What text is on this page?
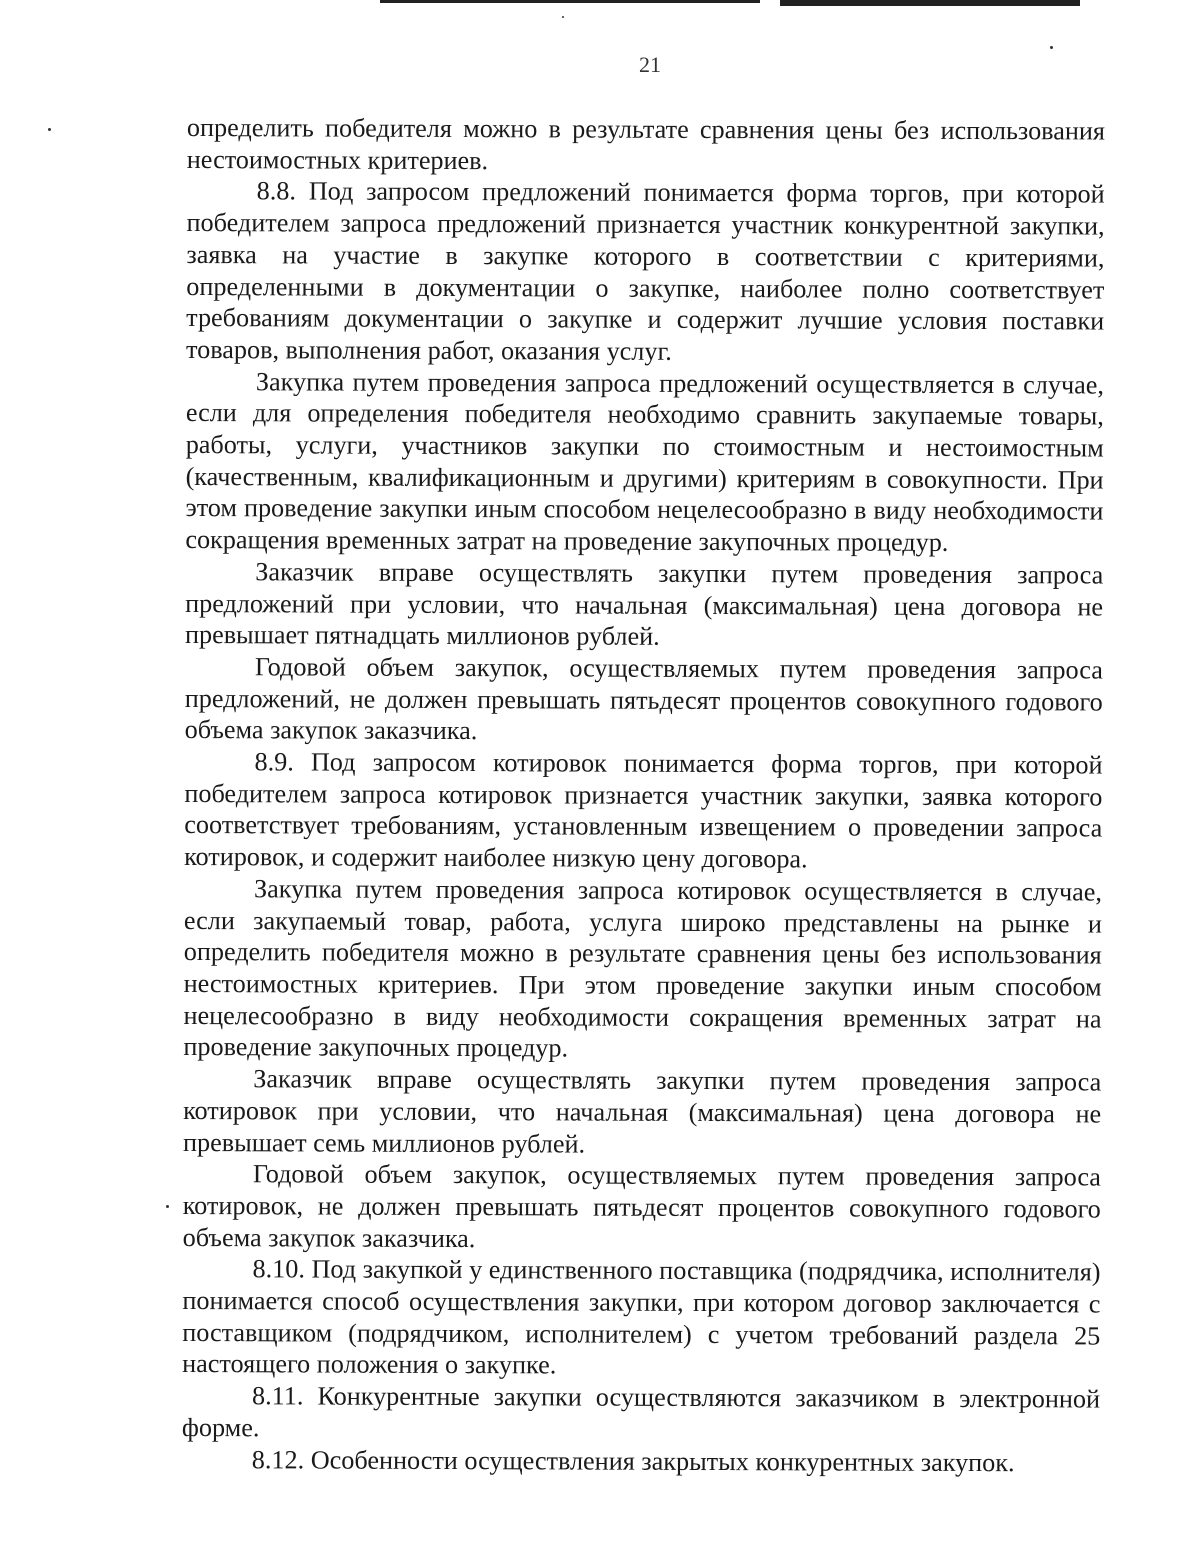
21

определить победителя можно в результате сравнения цены без использования нестоимостных критериев.

8.8. Под запросом предложений понимается форма торгов, при которой победителем запроса предложений признается участник конкурентной закупки, заявка на участие в закупке которого в соответствии с критериями, определенными в документации о закупке, наиболее полно соответствует требованиям документации о закупке и содержит лучшие условия поставки товаров, выполнения работ, оказания услуг.

Закупка путем проведения запроса предложений осуществляется в случае, если для определения победителя необходимо сравнить закупаемые товары, работы, услуги, участников закупки по стоимостным и нестоимостным (качественным, квалификационным и другими) критериям в совокупности. При этом проведение закупки иным способом нецелесообразно в виду необходимости сокращения временных затрат на проведение закупочных процедур.

Заказчик вправе осуществлять закупки путем проведения запроса предложений при условии, что начальная (максимальная) цена договора не превышает пятнадцать миллионов рублей.

Годовой объем закупок, осуществляемых путем проведения запроса предложений, не должен превышать пятьдесят процентов совокупного годового объема закупок заказчика.

8.9. Под запросом котировок понимается форма торгов, при которой победителем запроса котировок признается участник закупки, заявка которого соответствует требованиям, установленным извещением о проведении запроса котировок, и содержит наиболее низкую цену договора.

Закупка путем проведения запроса котировок осуществляется в случае, если закупаемый товар, работа, услуга широко представлены на рынке и определить победителя можно в результате сравнения цены без использования нестоимостных критериев. При этом проведение закупки иным способом нецелесообразно в виду необходимости сокращения временных затрат на проведение закупочных процедур.

Заказчик вправе осуществлять закупки путем проведения запроса котировок при условии, что начальная (максимальная) цена договора не превышает семь миллионов рублей.

Годовой объем закупок, осуществляемых путем проведения запроса котировок, не должен превышать пятьдесят процентов совокупного годового объема закупок заказчика.

8.10. Под закупкой у единственного поставщика (подрядчика, исполнителя) понимается способ осуществления закупки, при котором договор заключается с поставщиком (подрядчиком, исполнителем) с учетом требований раздела 25 настоящего положения о закупке.

8.11. Конкурентные закупки осуществляются заказчиком в электронной форме.

8.12. Особенности осуществления закрытых конкурентных закупок.
